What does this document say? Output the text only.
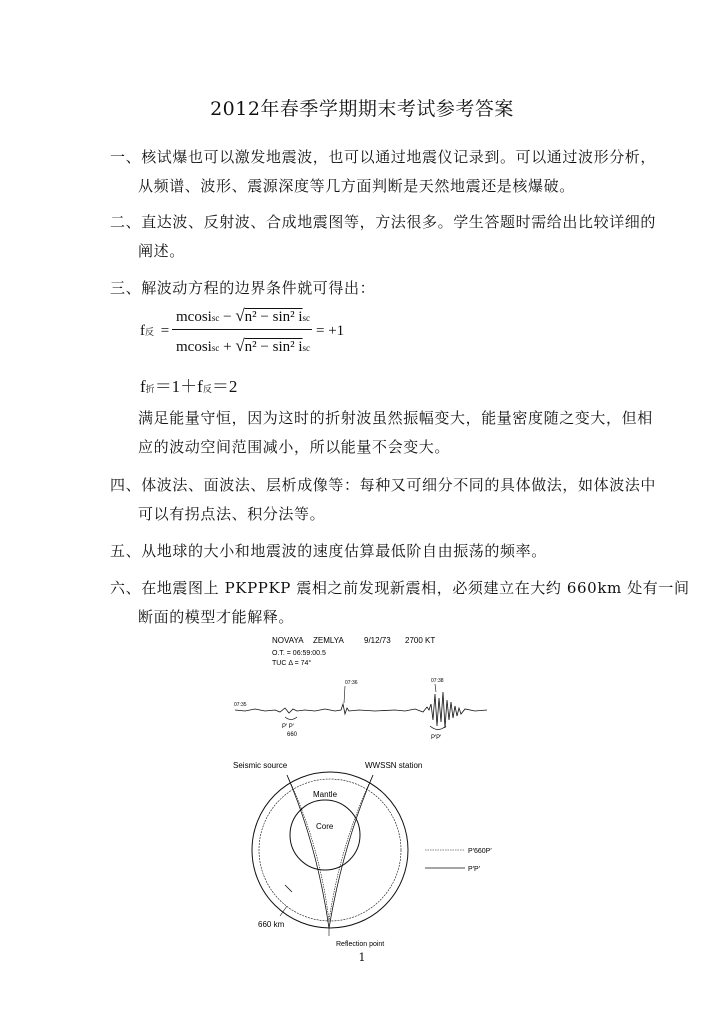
2012年春季学期期末考试参考答案
一、核试爆也可以激发地震波，也可以通过地震仪记录到。可以通过波形分析，
从频谱、波形、震源深度等几方面判断是天然地震还是核爆破。
二、直达波、反射波、合成地震图等，方法很多。学生答题时需给出比较详细的
阐述。
三、解波动方程的边界条件就可得出：
f反 =
mcosisc − √n² − sin² isc
mcosisc + √n² − sin² isc
= +1
f折＝1＋f反＝2
满足能量守恒，因为这时的折射波虽然振幅变大，能量密度随之变大，但相
应的波动空间范围减小，所以能量不会变大。
四、体波法、面波法、层析成像等：每种又可细分不同的具体做法，如体波法中
可以有拐点法、积分法等。
五、从地球的大小和地震波的速度估算最低阶自由振荡的频率。
六、在地震图上 PKPPKP 震相之前发现新震相，必须建立在大约 660km 处有一间
断面的模型才能解释。
NOVAYA ZEMLYA	9/12/73 2700 KT
O.T. = 06:59:00.5
TUC Δ = 74°
07:36	07:38
07:35
P′ P′
660	P′P′
Seismic source	WWSSN station
Mantle
Core
P′660P′
P′P′
660 km
Reflection point
1
